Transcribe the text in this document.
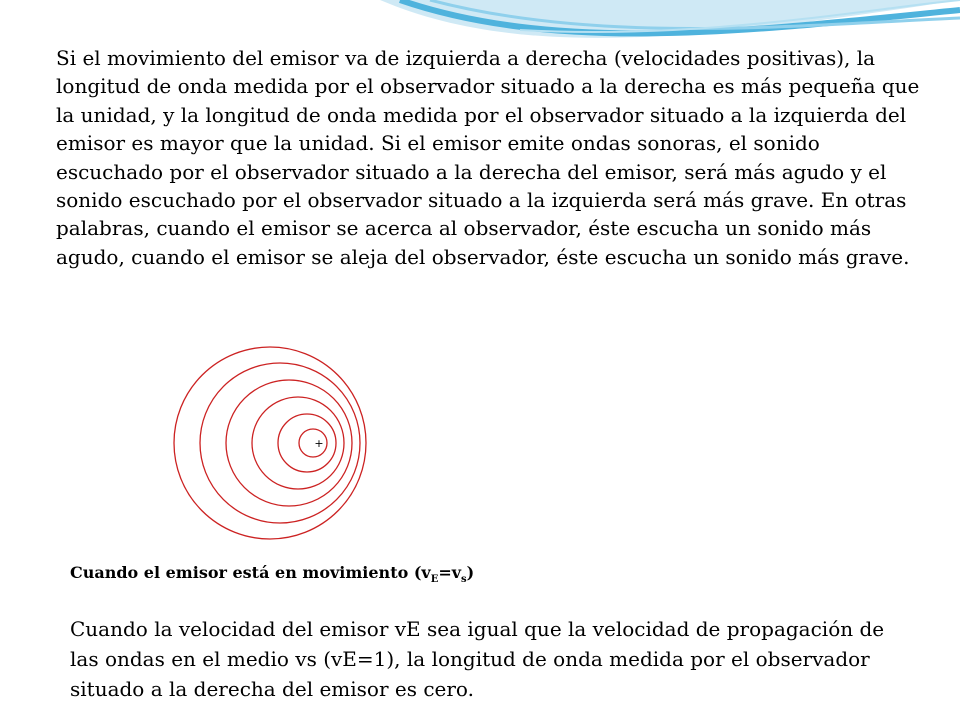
Si el movimiento del emisor va de izquierda a derecha (velocidades positivas), la longitud de onda medida por el observador situado a la derecha es más pequeña que la unidad, y la longitud de onda medida por el observador situado a la izquierda del emisor es mayor que la unidad. Si el emisor emite ondas sonoras, el sonido escuchado por el observador situado a la derecha del emisor, será más agudo y el sonido escuchado por el observador situado a la izquierda será más grave. En otras palabras, cuando el emisor se acerca al observador, éste escucha un sonido más agudo, cuando el emisor se aleja del observador, éste escucha un sonido más grave.

+

Cuando el emisor está en movimiento $(v_E=v_s)$

Cuando la velocidad del emisor vE sea igual que la velocidad de propagación de las ondas en el medio vs (vE=1), la longitud de onda medida por el observador situado a la derecha del emisor es cero.
